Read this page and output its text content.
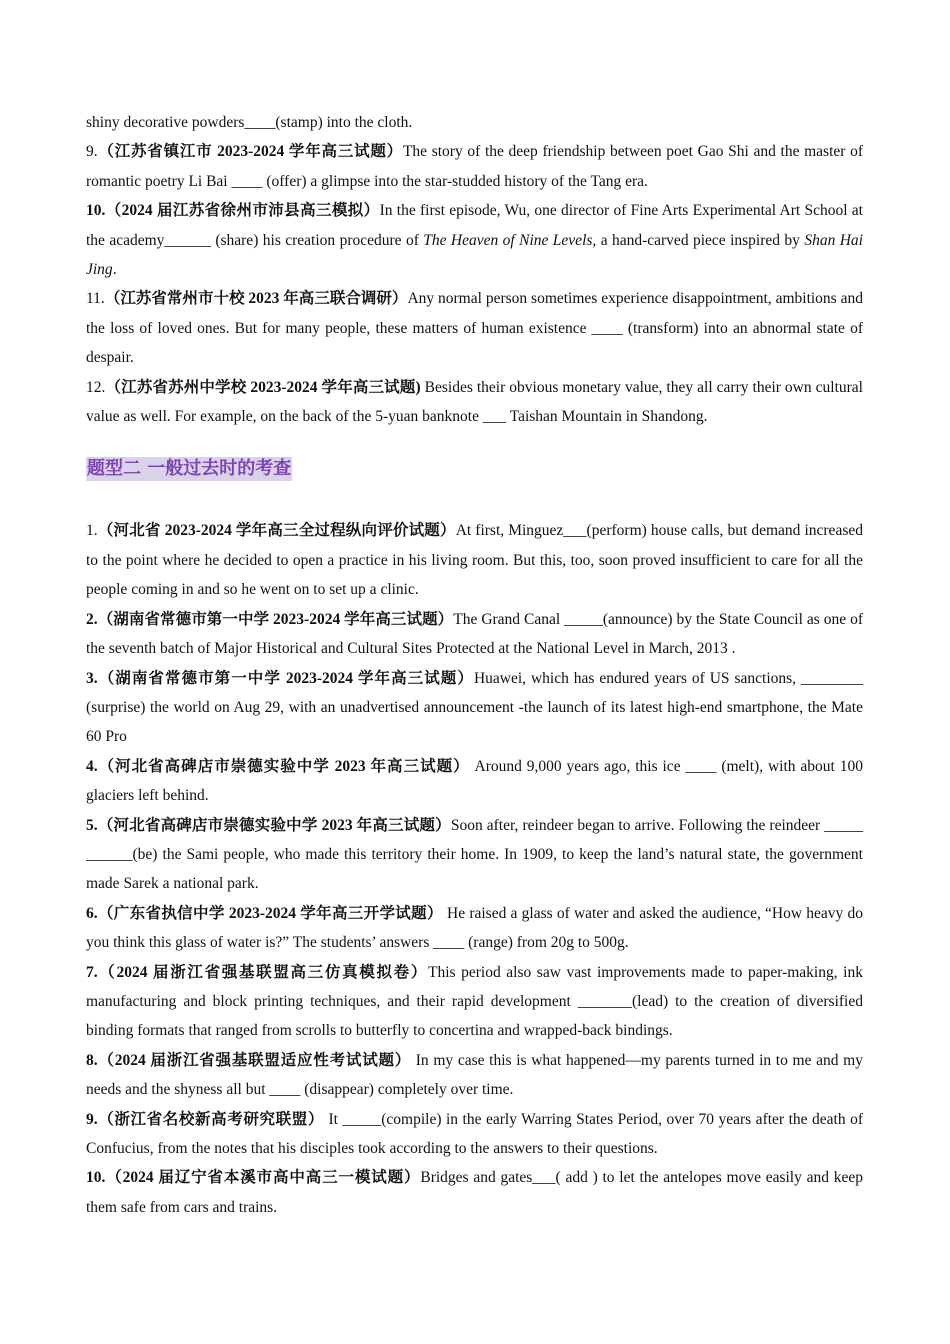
shiny decorative powders____(stamp) into the cloth.

9.（江苏省镇江市 2023-2024 学年高三试题）The story of the deep friendship between poet Gao Shi and the master of romantic poetry Li Bai ____ (offer) a glimpse into the star-studded history of the Tang era.

10.（2024 届江苏省徐州市沛县高三模拟）In the first episode, Wu, one director of Fine Arts Experimental Art School at the academy______ (share) his creation procedure of The Heaven of Nine Levels, a hand-carved piece inspired by Shan Hai Jing.

11.（江苏省常州市十校 2023 年高三联合调研）Any normal person sometimes experience disappointment, ambitions and the loss of loved ones. But for many people, these matters of human existence ____ (transform) into an abnormal state of despair.

12.（江苏省苏州中学校 2023-2024 学年高三试题) Besides their obvious monetary value, they all carry their own cultural value as well. For example, on the back of the 5-yuan banknote ___ Taishan Mountain in Shandong.

题型二 一般过去时的考查

1.（河北省 2023-2024 学年高三全过程纵向评价试题）At first, Minguez___(perform) house calls, but demand increased to the point where he decided to open a practice in his living room. But this, too, soon proved insufficient to care for all the people coming in and so he went on to set up a clinic.

2.（湖南省常德市第一中学 2023-2024 学年高三试题）The Grand Canal _____(announce) by the State Council as one of the seventh batch of Major Historical and Cultural Sites Protected at the National Level in March, 2013 .

3.（湖南省常德市第一中学 2023-2024 学年高三试题）Huawei, which has endured years of US sanctions, ________ (surprise) the world on Aug 29, with an unadvertised announcement -the launch of its latest high-end smartphone, the Mate 60 Pro

4.（河北省高碑店市崇德实验中学 2023 年高三试题） Around 9,000 years ago, this ice ____ (melt), with about 100 glaciers left behind.

5.（河北省高碑店市崇德实验中学 2023 年高三试题）Soon after, reindeer began to arrive. Following the reindeer _____ ______(be) the Sami people, who made this territory their home. In 1909, to keep the land’s natural state, the government made Sarek a national park.

6.（广东省执信中学 2023-2024 学年高三开学试题） He raised a glass of water and asked the audience, “How heavy do you think this glass of water is?” The students’ answers ____ (range) from 20g to 500g.

7.（2024 届浙江省强基联盟高三仿真模拟卷）This period also saw vast improvements made to paper-making, ink manufacturing and block printing techniques, and their rapid development _______(lead) to the creation of diversified binding formats that ranged from scrolls to butterfly to concertina and wrapped-back bindings.

8.（2024 届浙江省强基联盟适应性考试试题） In my case this is what happened—my parents turned in to me and my needs and the shyness all but ____ (disappear) completely over time.

9.（浙江省名校新高考研究联盟） It _____(compile) in the early Warring States Period, over 70 years after the death of Confucius, from the notes that his disciples took according to the answers to their questions.

10.（2024 届辽宁省本溪市高中高三一模试题）Bridges and gates___( add ) to let the antelopes move easily and keep them safe from cars and trains.
